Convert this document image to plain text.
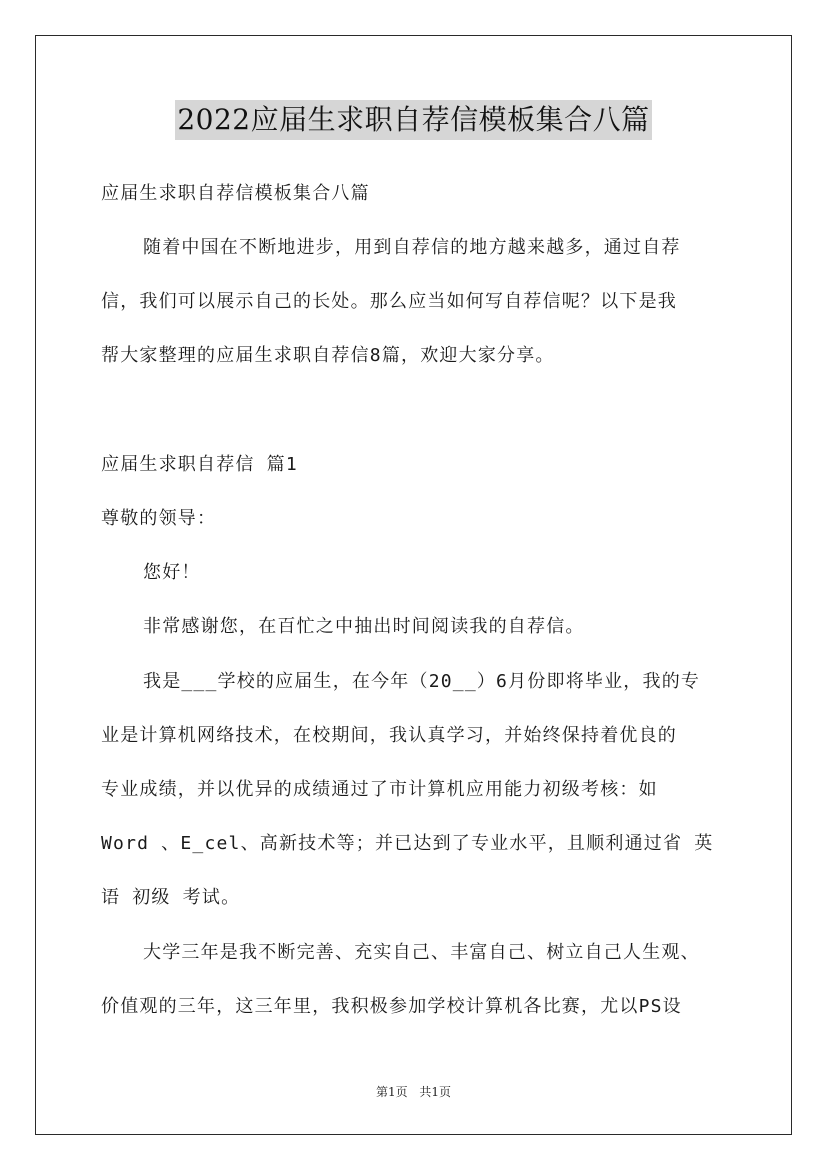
2022应届生求职自荐信模板集合八篇
应届生求职自荐信模板集合八篇
随着中国在不断地进步，用到自荐信的地方越来越多，通过自荐
信，我们可以展示自己的长处。那么应当如何写自荐信呢？以下是我
帮大家整理的应届生求职自荐信8篇，欢迎大家分享。
应届生求职自荐信 篇1
尊敬的领导：
您好！
非常感谢您，在百忙之中抽出时间阅读我的自荐信。
我是___学校的应届生，在今年（20__）6月份即将毕业，我的专
业是计算机网络技术，在校期间，我认真学习，并始终保持着优良的
专业成绩，并以优异的成绩通过了市计算机应用能力初级考核：如
Word 、E_cel、高新技术等；并已达到了专业水平，且顺利通过省 英
语 初级 考试。
大学三年是我不断完善、充实自己、丰富自己、树立自己人生观、
价值观的三年，这三年里，我积极参加学校计算机各比赛，尤以PS设
第1页 共1页
